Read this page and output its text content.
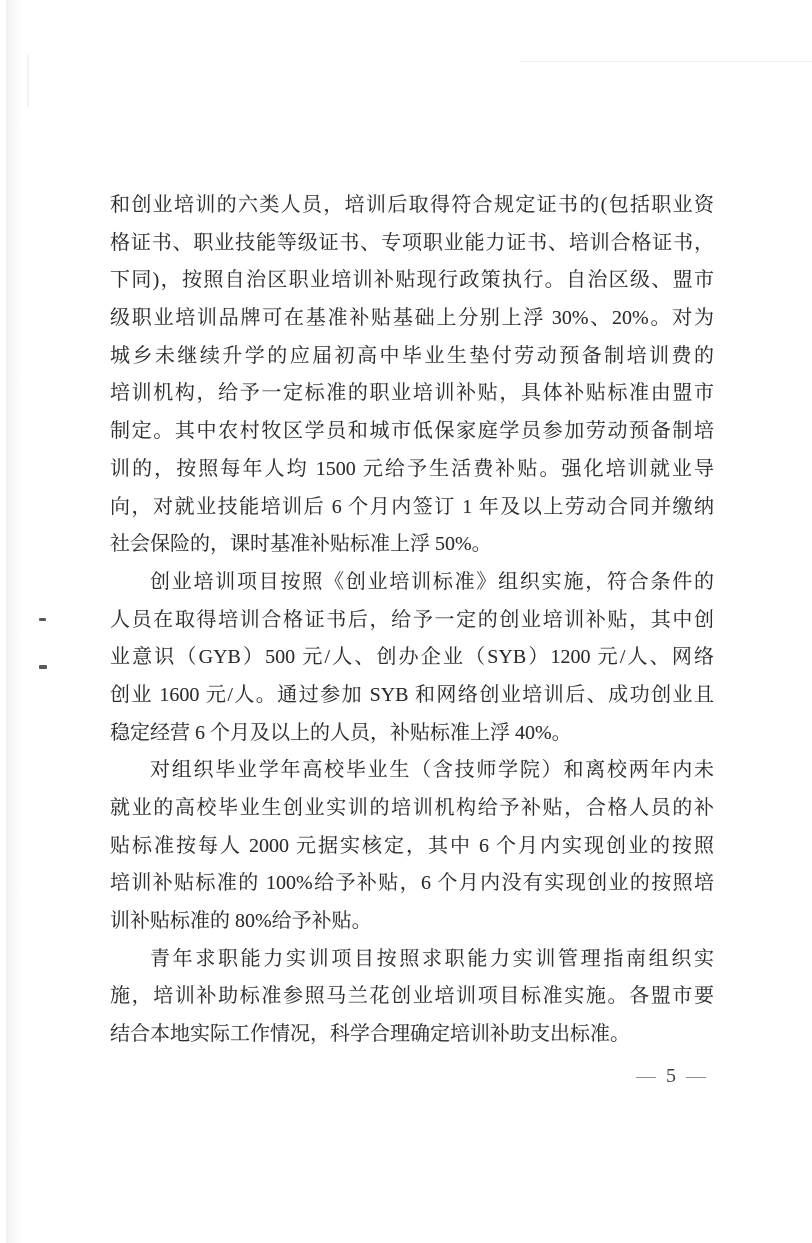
和创业培训的六类人员，培训后取得符合规定证书的(包括职业资
格证书、职业技能等级证书、专项职业能力证书、培训合格证书，
下同)，按照自治区职业培训补贴现行政策执行。自治区级、盟市
级职业培训品牌可在基准补贴基础上分别上浮 30%、20%。对为
城乡未继续升学的应届初高中毕业生垫付劳动预备制培训费的
培训机构，给予一定标准的职业培训补贴，具体补贴标准由盟市
制定。其中农村牧区学员和城市低保家庭学员参加劳动预备制培
训的，按照每年人均 1500 元给予生活费补贴。强化培训就业导
向，对就业技能培训后 6 个月内签订 1 年及以上劳动合同并缴纳
社会保险的，课时基准补贴标准上浮 50%。
创业培训项目按照《创业培训标准》组织实施，符合条件的
人员在取得培训合格证书后，给予一定的创业培训补贴，其中创
业意识（GYB）500 元/人、创办企业（SYB）1200 元/人、网络
创业 1600 元/人。通过参加 SYB 和网络创业培训后、成功创业且
稳定经营 6 个月及以上的人员，补贴标准上浮 40%。
对组织毕业学年高校毕业生（含技师学院）和离校两年内未
就业的高校毕业生创业实训的培训机构给予补贴，合格人员的补
贴标准按每人 2000 元据实核定，其中 6 个月内实现创业的按照
培训补贴标准的 100%给予补贴，6 个月内没有实现创业的按照培
训补贴标准的 80%给予补贴。
青年求职能力实训项目按照求职能力实训管理指南组织实
施，培训补助标准参照马兰花创业培训项目标准实施。各盟市要
结合本地实际工作情况，科学合理确定培训补助支出标准。
— 5 —
